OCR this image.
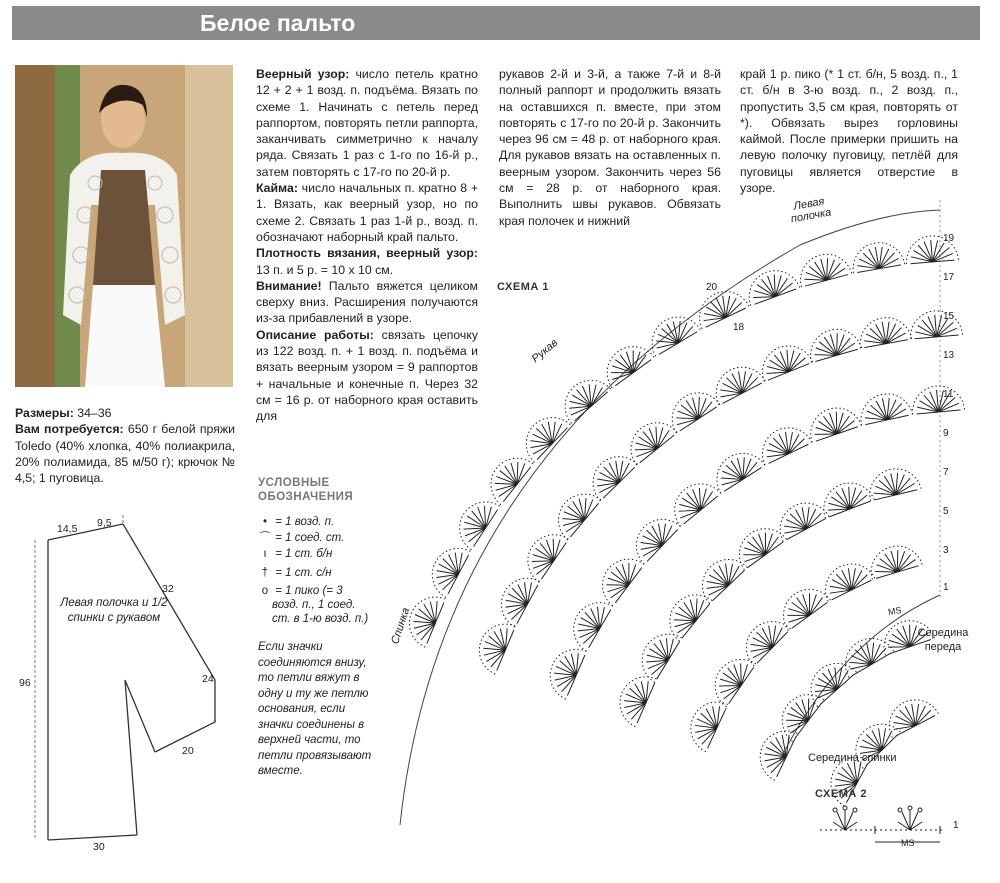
Белое пальто

Веерный узор: число петель кратно 12 + 2 + 1 возд. п. подъёма. Вязать по схеме 1. Начинать с петель перед раппортом, повторять петли раппорта, заканчивать симметрично к началу ряда. Связать 1 раз с 1-го по 16-й р., затем повторять с 17-го по 20-й р.

Кайма: число начальных п. кратно 8 + 1. Вязать, как веерный узор, но по схеме 2. Связать 1 раз 1-й р., возд. п. обозначают наборный край пальто.

Плотность вязания, веерный узор: 13 п. и 5 р. = 10 х 10 см.

Внимание! Пальто вяжется целиком сверху вниз. Расширения получаются из-за прибавлений в узоре.

Описание работы: связать цепочку из 122 возд. п. + 1 возд. п. подъёма и вязать веерным узором = 9 раппортов + начальные и конечные п. Через 32 см = 16 р. от наборного края оставить для

рукавов 2-й и 3-й, а также 7-й и 8-й полный раппорт и продолжить вязать на оставшихся п. вместе, при этом повторять с 17-го по 20-й р. Закончить через 96 см = 48 р. от наборного края. Для рукавов вязать на оставленных п. веерным узором. Закончить через 56 см = 28 р. от наборного края. Выполнить швы рукавов. Обвязать края полочек и нижний

край 1 р. пико (* 1 ст. б/н, 5 возд. п., 1 ст. б/н в 3-ю возд. п., 2 возд. п., пропустить 3,5 см края, повторять от *). Обвязать вырез горловины каймой. После примерки пришить на левую полочку пуговицу, петлёй для пуговицы является отверстие в узоре.

Размеры: 34–36

Вам потребуется: 650 г белой пряжи Toledo (40% хлопка, 40% полиакрила, 20% полиамида, 85 м/50 г); крючок № 4,5; 1 пуговица.

14,5 9,5
32
96	24
20
30
Левая полочка и 1/2 спинки с рукавом
УСЛОВНЫЕ ОБОЗНАЧЕНИЯ
• = 1 возд. п.
⌒ = 1 соед. ст.
ı = 1 ст. б/н
† = 1 ст. с/н
o = 1 пико (= 3
возд. п., 1 соед.
ст. в 1-ю возд. п.)
Если значки соединяются внизу, то петли вяжут в одну и ту же петлю основания, если значки соединены в верхней части, то петли провязывают вместе.
СХЕМА 1
Левая полочка
Рукав
Спинка	Середина переда
Середина спинки
MS
20
18
19
17
15
13
11
9
7
5
3
1
СХЕМА 2
MS
1
